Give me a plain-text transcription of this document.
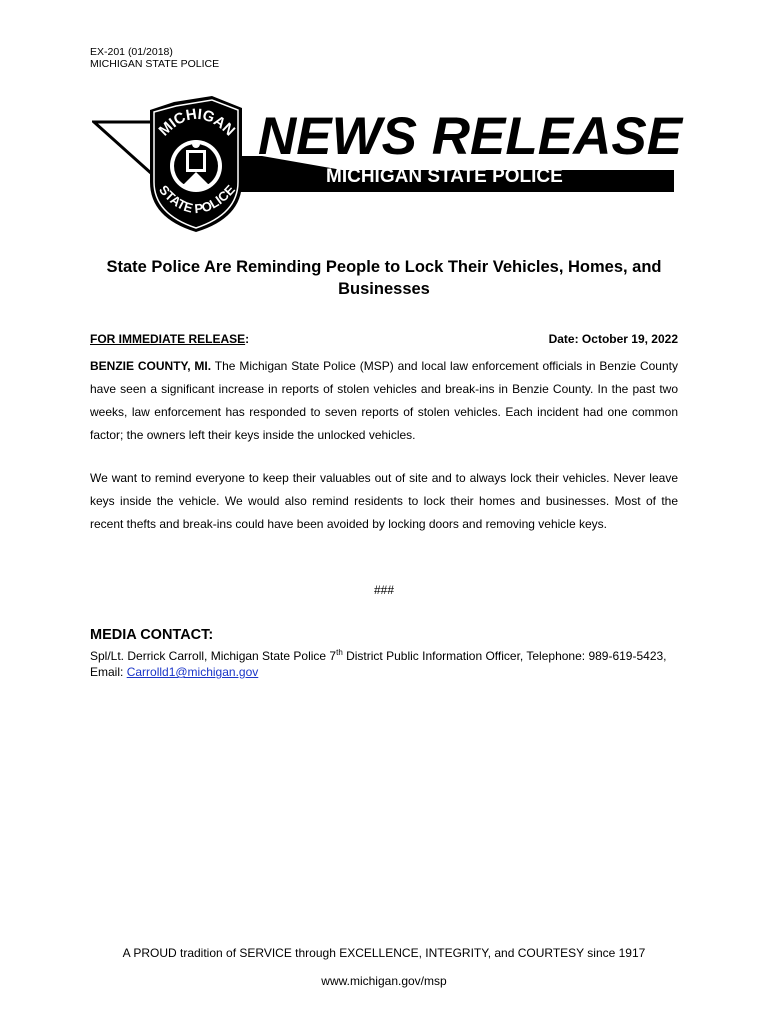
EX-201 (01/2018)
MICHIGAN STATE POLICE
MICHIGAN
STATE POLICE
NEWS RELEASE
MICHIGAN STATE POLICE
State Police Are Reminding People to Lock Their Vehicles, Homes, and Businesses
FOR IMMEDIATE RELEASE:	Date: October 19, 2022

BENZIE COUNTY, MI. The Michigan State Police (MSP) and local law enforcement officials in Benzie County have seen a significant increase in reports of stolen vehicles and break-ins in Benzie County. In the past two weeks, law enforcement has responded to seven reports of stolen vehicles. Each incident had one common factor; the owners left their keys inside the unlocked vehicles.

We want to remind everyone to keep their valuables out of site and to always lock their vehicles. Never leave keys inside the vehicle. We would also remind residents to lock their homes and businesses. Most of the recent thefts and break-ins could have been avoided by locking doors and removing vehicle keys.

###
MEDIA CONTACT:
Spl/Lt. Derrick Carroll, Michigan State Police 7th District Public Information Officer, Telephone: 989-619-5423, Email: Carrolld1@michigan.gov
A PROUD tradition of SERVICE through EXCELLENCE, INTEGRITY, and COURTESY since 1917
www.michigan.gov/msp
